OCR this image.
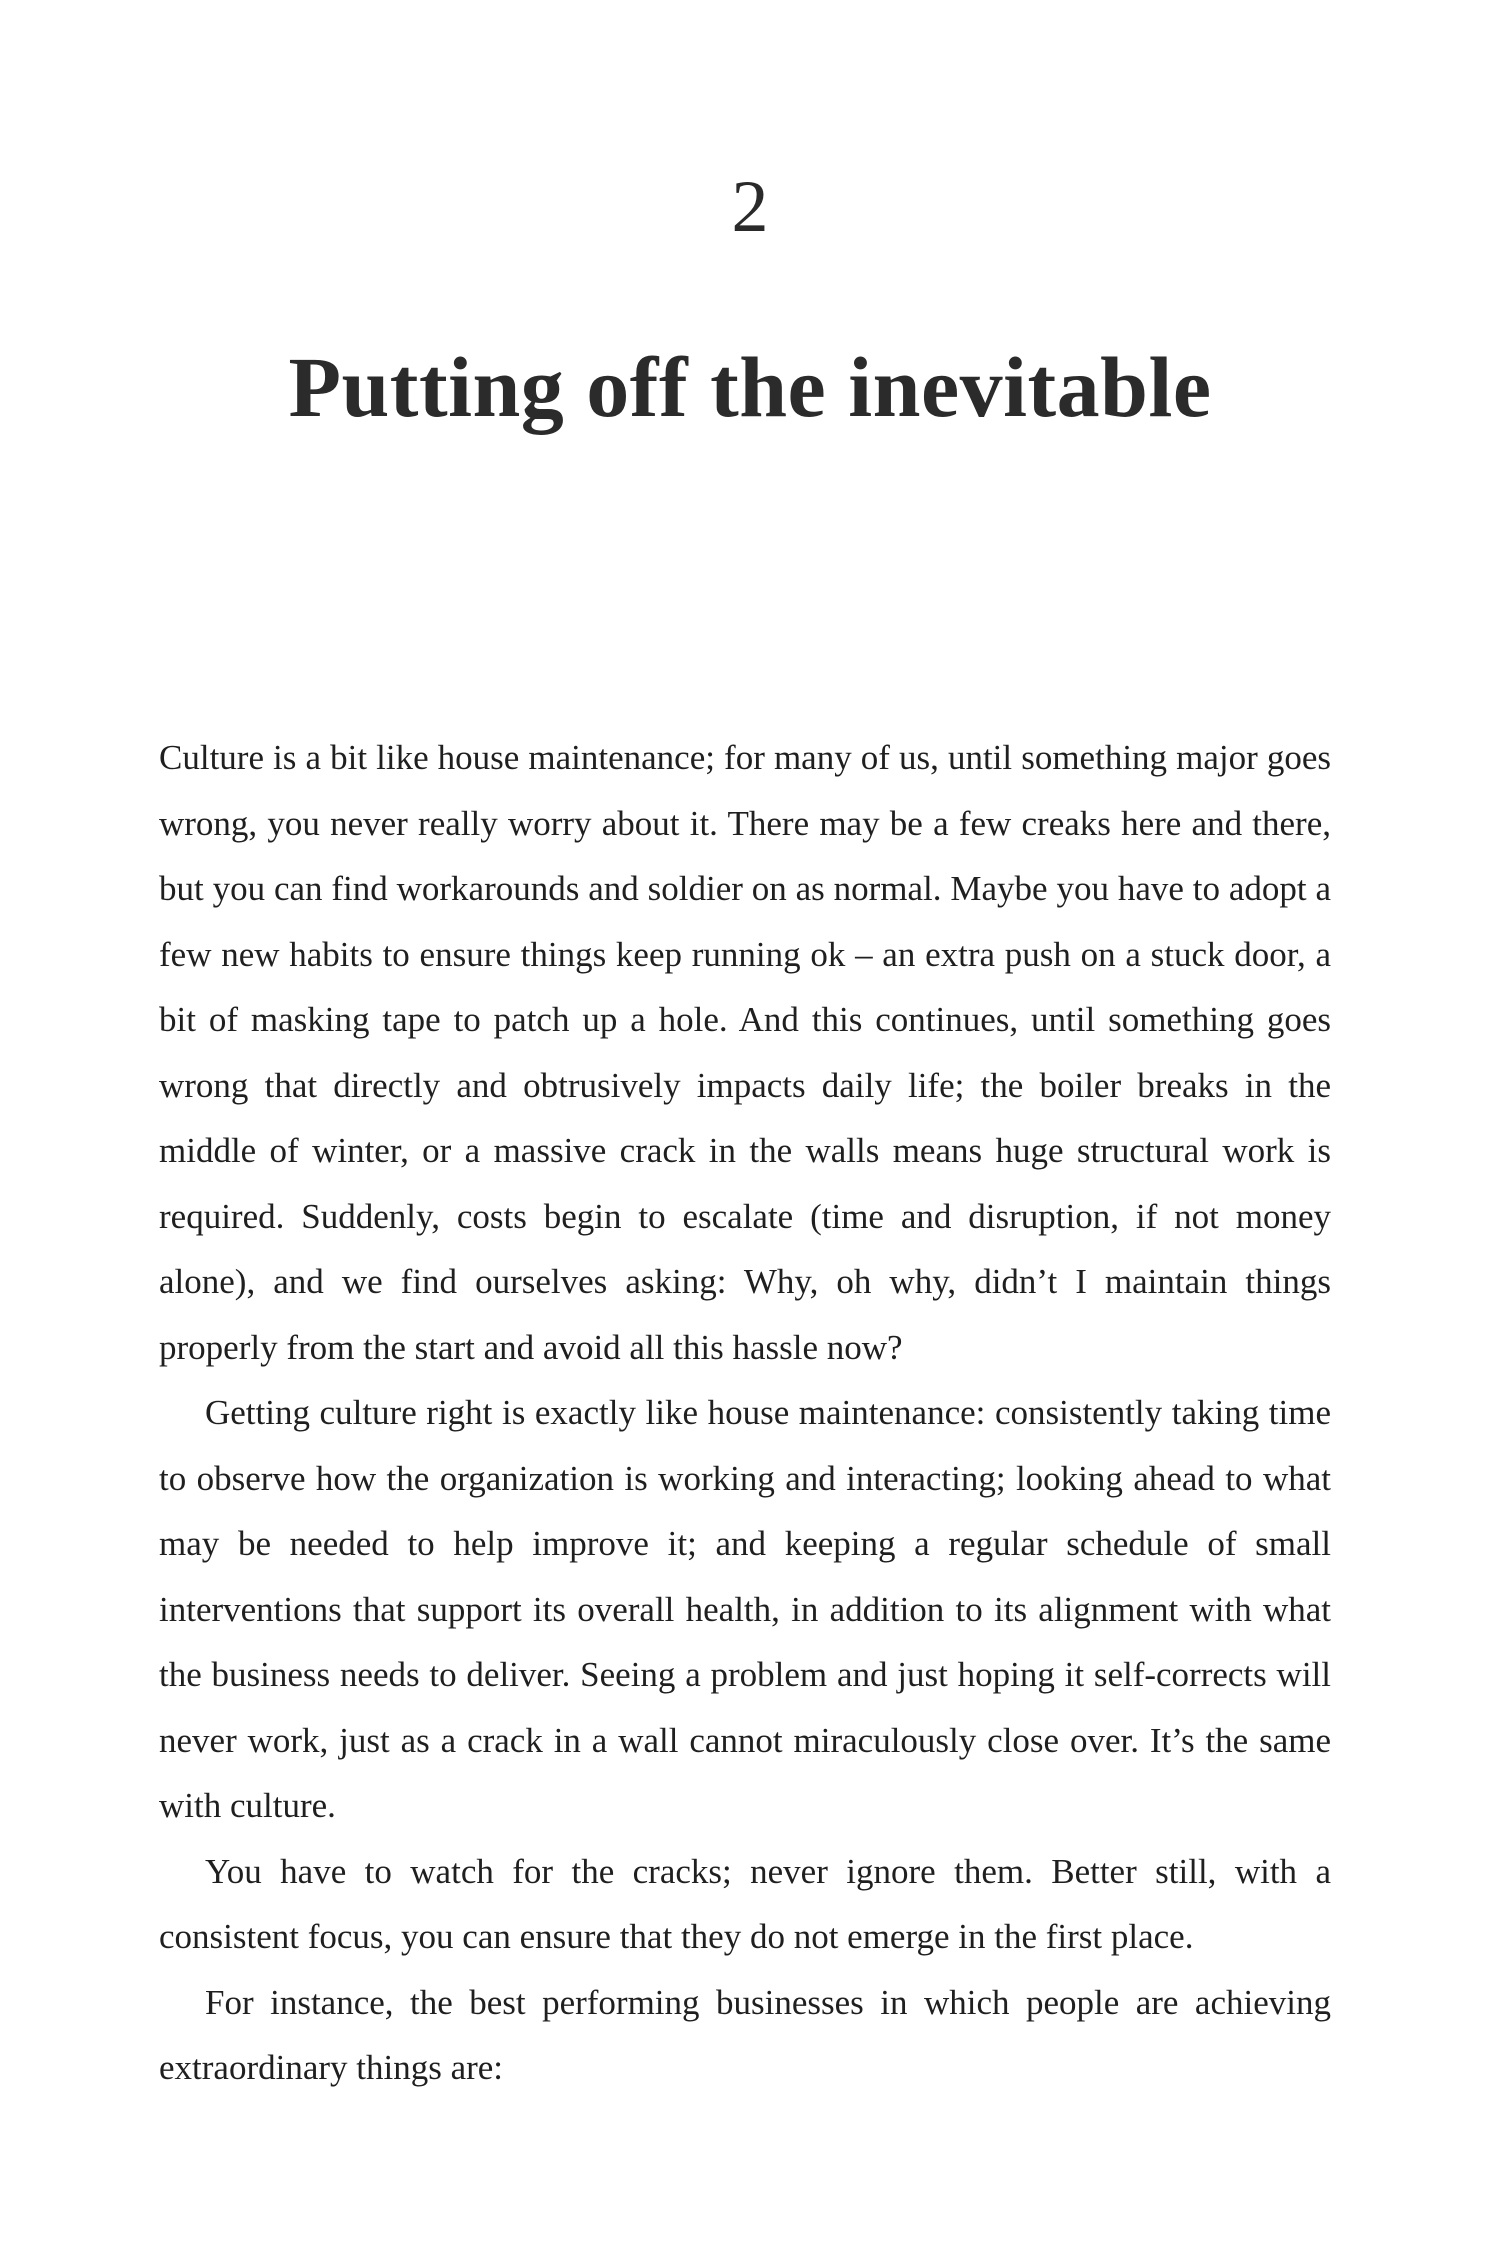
2
Putting off the inevitable

Culture is a bit like house maintenance; for many of us, until something major goes wrong, you never really worry about it. There may be a few creaks here and there, but you can find workarounds and soldier on as normal. Maybe you have to adopt a few new habits to ensure things keep running ok – an extra push on a stuck door, a bit of masking tape to patch up a hole. And this continues, until something goes wrong that directly and obtrusively impacts daily life; the boiler breaks in the middle of winter, or a massive crack in the walls means huge structural work is required. Suddenly, costs begin to escalate (time and disruption, if not money alone), and we find ourselves asking: Why, oh why, didn’t I maintain things properly from the start and avoid all this hassle now?

Getting culture right is exactly like house maintenance: consistently taking time to observe how the organization is working and interacting; looking ahead to what may be needed to help improve it; and keeping a regular schedule of small interventions that support its overall health, in addition to its alignment with what the business needs to deliver. Seeing a problem and just hoping it self-corrects will never work, just as a crack in a wall cannot miraculously close over. It’s the same with culture.

You have to watch for the cracks; never ignore them. Better still, with a consistent focus, you can ensure that they do not emerge in the first place.

For instance, the best performing businesses in which people are achieving extraordinary things are:
